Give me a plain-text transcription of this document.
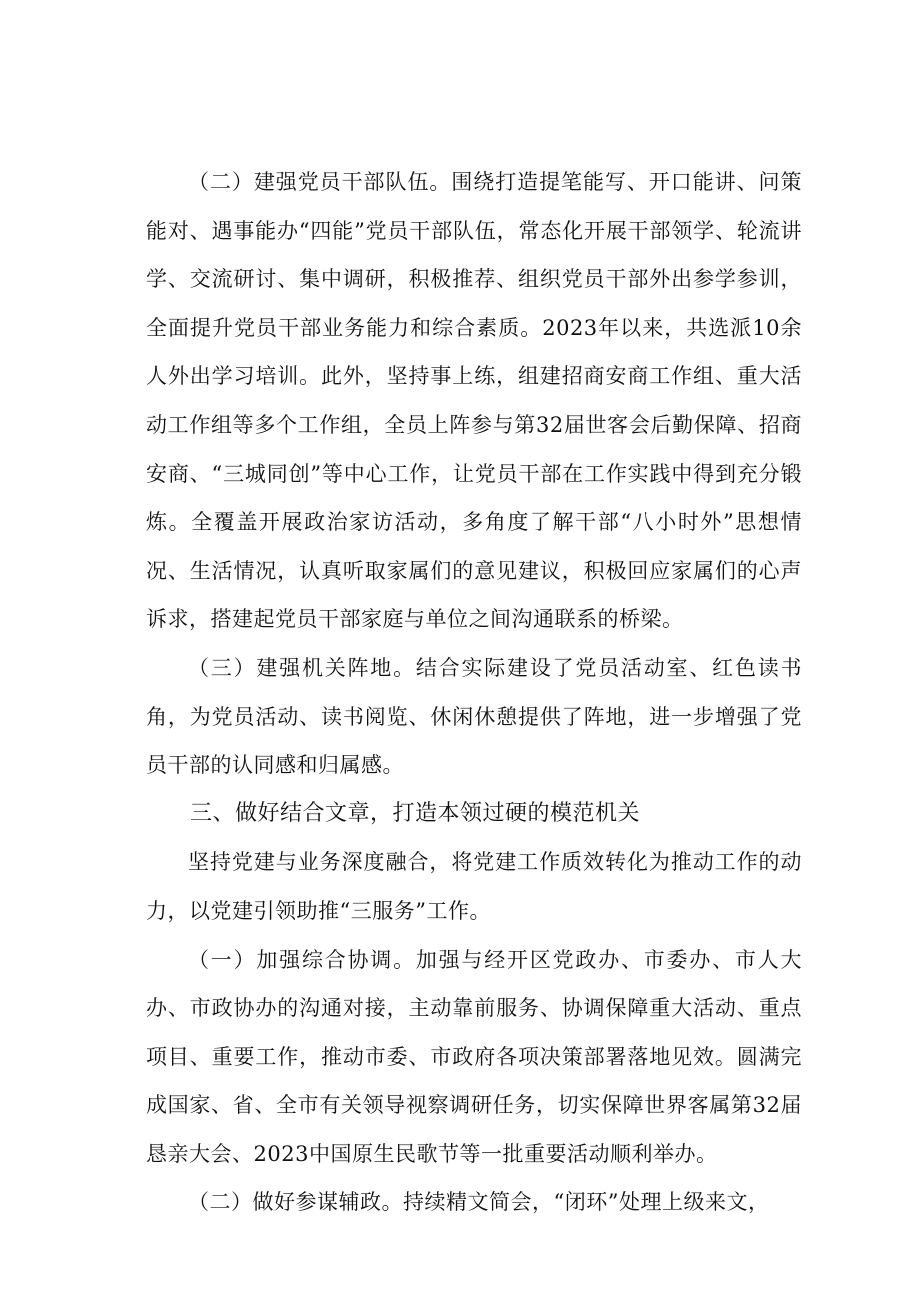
（二）建强党员干部队伍。围绕打造提笔能写、开口能讲、问策能对、遇事能办“四能”党员干部队伍，常态化开展干部领学、轮流讲学、交流研讨、集中调研，积极推荐、组织党员干部外出参学参训，全面提升党员干部业务能力和综合素质。2023年以来，共选派10余人外出学习培训。此外，坚持事上练，组建招商安商工作组、重大活动工作组等多个工作组，全员上阵参与第32届世客会后勤保障、招商安商、“三城同创”等中心工作，让党员干部在工作实践中得到充分锻炼。全覆盖开展政治家访活动，多角度了解干部“八小时外”思想情况、生活情况，认真听取家属们的意见建议，积极回应家属们的心声诉求，搭建起党员干部家庭与单位之间沟通联系的桥梁。

（三）建强机关阵地。结合实际建设了党员活动室、红色读书角，为党员活动、读书阅览、休闲休憩提供了阵地，进一步增强了党员干部的认同感和归属感。

三、做好结合文章，打造本领过硬的模范机关

坚持党建与业务深度融合，将党建工作质效转化为推动工作的动力，以党建引领助推“三服务”工作。

（一）加强综合协调。加强与经开区党政办、市委办、市人大办、市政协办的沟通对接，主动靠前服务、协调保障重大活动、重点项目、重要工作，推动市委、市政府各项决策部署落地见效。圆满完成国家、省、全市有关领导视察调研任务，切实保障世界客属第32届恳亲大会、2023中国原生民歌节等一批重要活动顺利举办。

（二）做好参谋辅政。持续精文简会，“闭环”处理上级来文，
